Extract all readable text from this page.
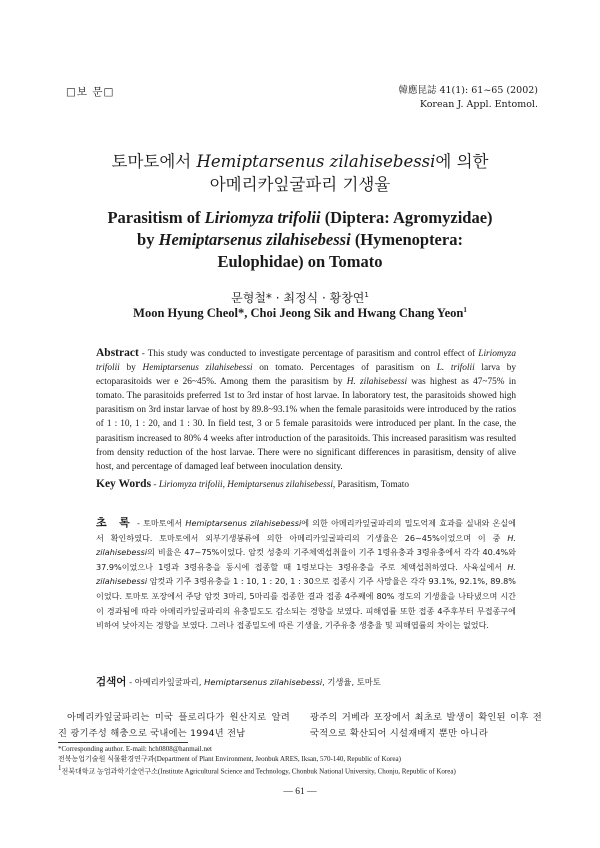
□보 문□	韓應昆誌 41(1): 61~65 (2002)
Korean J. Appl. Entomol.
토마토에서 Hemiptarsenus zilahisebessi에 의한
아메리카잎굴파리 기생율
Parasitism of Liriomyza trifolii (Diptera: Agromyzidae)
by Hemiptarsenus zilahisebessi (Hymenoptera:
Eulophidae) on Tomato
문형철* · 최정식 · 황창연$^1$
Moon Hyung Cheol*, Choi Jeong Sik and Hwang Chang Yeon$^1$
Abstract - This study was conducted to investigate percentage of parasitism and control effect of Liriomyza trifolii by Hemiptarsenus zilahisebessi on tomato. Percentages of parasitism on L. trifolii larva by ectoparasitoids wer e 26~45%. Among them the parasitism by H. zilahisebessi was highest as 47~75% in tomato. The parasitoids preferred 1st to 3rd instar of host larvae. In laboratory test, the parasitoids showed high parasitism on 3rd instar larvae of host by 89.8~93.1% when the female parasitoids were introduced by the ratios of 1 : 10, 1 : 20, and 1 : 30. In field test, 3 or 5 female parasitoids were introduced per plant. In the case, the parasitism increased to 80% 4 weeks after introduction of the parasitoids. This increased parasitism was resulted from density reduction of the host larvae. There were no significant differences in parasitism, density of alive host, and percentage of damaged leaf between inoculation density.
Key Words - Liriomyza trifolii, Hemiptarsenus zilahisebessi, Parasitism, Tomato
초 록 - 토마토에서 Hemiptarsenus zilahisebessi에 의한 아메리카잎굴파리의 밀도억제 효과를 실내와 온실에서 확인하였다. 토마토에서 외부기생봉류에 의한 아메리카잎굴파리의 기생율은 26~45%이었으며 이 중 H. zilahisebessi의 비율은 47~75%이었다. 암컷 성충의 기주체액섭취율이 기주 1령유충과 3령유충에서 각각 40.4%와 37.9%이었으나 1령과 3령유충을 동시에 접종할 때 1령보다는 3령유충을 주로 체액섭취하였다. 사육실에서 H. zilahisebessi 암컷과 기주 3령유충을 1 : 10, 1 : 20, 1 : 30으로 접종시 기주 사망율은 각각 93.1%, 92.1%, 89.8% 이었다. 토마토 포장에서 주당 암컷 3마리, 5마리를 접종한 결과 접종 4주째에 80% 정도의 기생율을 나타냈으며 시간이 경과됨에 따라 아메리카잎굴파리의 유충밀도도 감소되는 경향을 보였다. 피해엽률 또한 접종 4주후부터 무접종구에 비하여 낮아지는 경향을 보였다. 그러나 접종밀도에 따른 기생율, 기주유충 생충율 및 피해엽률의 차이는 없었다.
검색어 - 아메리카잎굴파리, Hemiptarsenus zilahisebessi, 기생율, 토마토
아메리카잎굴파리는 미국 플로리다가 원산지로 알려진 광기주성 해충으로 국내에는 1994년 전남
광주의 거베라 포장에서 최초로 발생이 확인된 이후 전국적으로 확산되어 시설재배지 뿐만 아니라
*Corresponding author. E-mail: hch0808@hanmail.net
전북농업기술원 식물환경연구과(Department of Plant Environment, Jeonbuk ARES, Iksan, 570-140, Republic of Korea)
$^1$전북대학교 농업과학기술연구소(Institute Agricultural Science and Technology, Chonbuk National University, Chonju, Republic of Korea)
— 61 —
